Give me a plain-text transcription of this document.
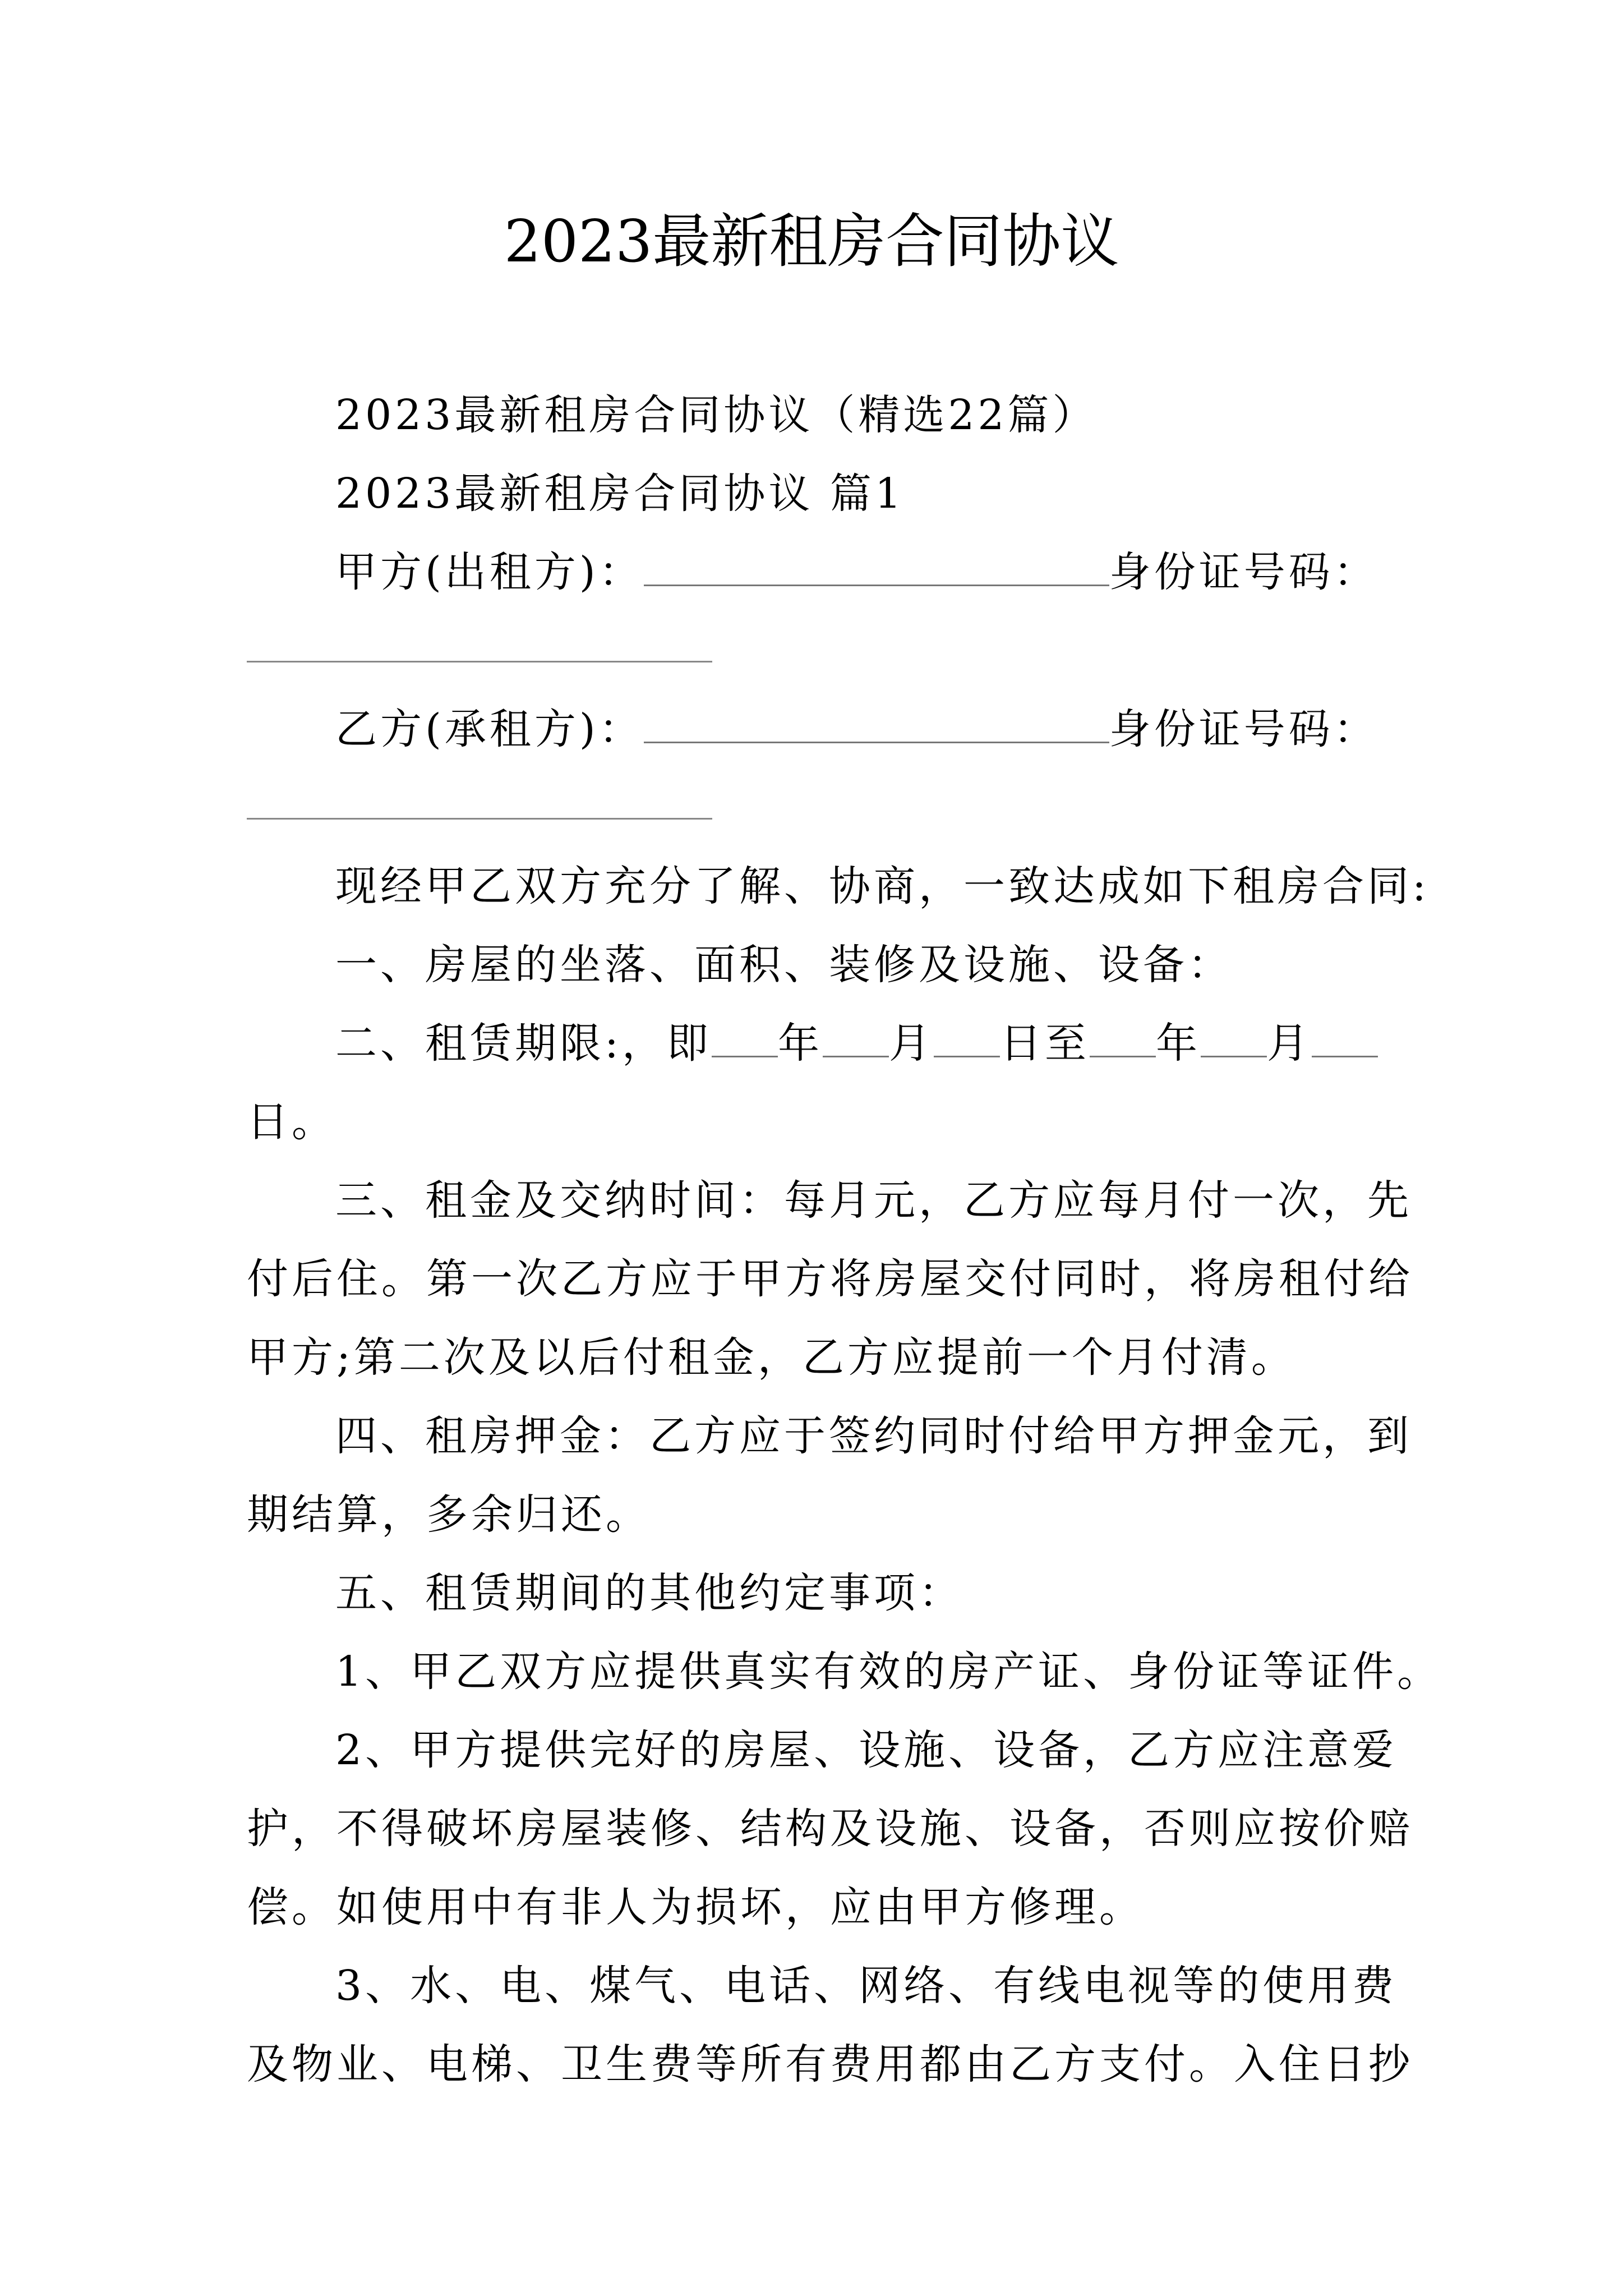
2023最新租房合同协议
2023最新租房合同协议（精选22篇）
2023最新租房合同协议 篇1
甲方(出租方)：	身份证号码：
乙方(承租方)：	身份证号码：
现经甲乙双方充分了解、协商，一致达成如下租房合同:
一、房屋的坐落、面积、装修及设施、设备：
二、租赁期限:，即 年 月 日至 年 月
日。
三、租金及交纳时间：每月元，乙方应每月付一次，先
付后住。第一次乙方应于甲方将房屋交付同时，将房租付给
甲方;第二次及以后付租金，乙方应提前一个月付清。
四、租房押金：乙方应于签约同时付给甲方押金元，到
期结算，多余归还。
五、租赁期间的其他约定事项：
1、甲乙双方应提供真实有效的房产证、身份证等证件。
2、甲方提供完好的房屋、设施、设备，乙方应注意爱
护，不得破坏房屋装修、结构及设施、设备，否则应按价赔
偿。如使用中有非人为损坏，应由甲方修理。
3、水、电、煤气、电话、网络、有线电视等的使用费
及物业、电梯、卫生费等所有费用都由乙方支付。入住日抄
